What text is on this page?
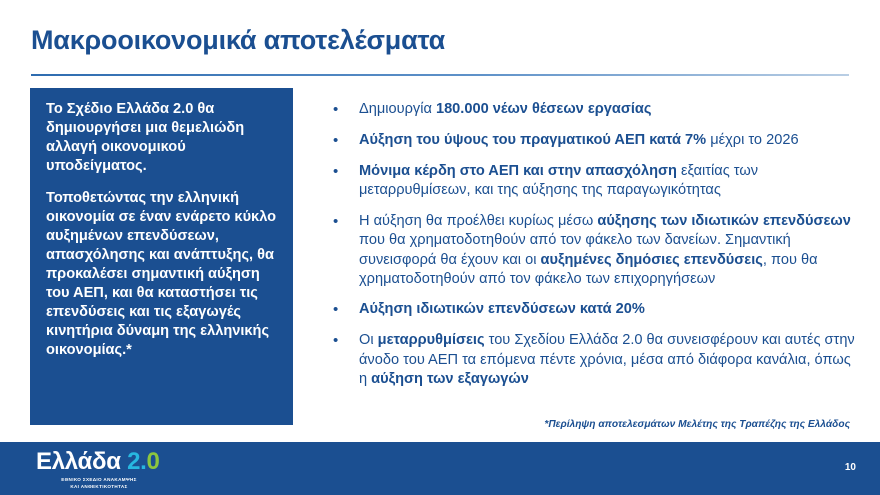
Μακροοικονομικά αποτελέσματα

Το Σχέδιο Ελλάδα 2.0 θα δημιουργήσει μια θεμελιώδη αλλαγή οικονομικού υποδείγματος.

Τοποθετώντας την ελληνική οικονομία σε έναν ενάρετο κύκλο αυξημένων επενδύσεων, απασχόλησης και ανάπτυξης, θα προκαλέσει σημαντική αύξηση του ΑΕΠ, και θα καταστήσει τις επενδύσεις και τις εξαγωγές κινητήρια δύναμη της ελληνικής οικονομίας.*

•	Δημιουργία 180.000 νέων θέσεων εργασίας
•	Αύξηση του ύψους του πραγματικού ΑΕΠ κατά 7% μέχρι το 2026
•	Μόνιμα κέρδη στο ΑΕΠ και στην απασχόληση εξαιτίας των μεταρρυθμίσεων, και της αύξησης της παραγωγικότητας
•	Η αύξηση θα προέλθει κυρίως μέσω αύξησης των ιδιωτικών επενδύσεων που θα χρηματοδοτηθούν από τον φάκελο των δανείων. Σημαντική συνεισφορά θα έχουν και οι αυξημένες δημόσιες επενδύσεις, που θα χρηματοδοτηθούν από τον φάκελο των επιχορηγήσεων
•	Αύξηση ιδιωτικών επενδύσεων κατά 20%
•	Οι μεταρρυθμίσεις του Σχεδίου Ελλάδα 2.0 θα συνεισφέρουν και αυτές στην άνοδο του ΑΕΠ τα επόμενα πέντε χρόνια, μέσα από διάφορα κανάλια, όπως η αύξηση των εξαγωγών
*Περίληψη αποτελεσμάτων Μελέτης της Τραπέζης της Ελλάδος
Ελλάδα 2.0
ΕΘΝΙΚΟ ΣΧΕΔΙΟ ΑΝΑΚΑΜΨΗΣ
ΚΑΙ ΑΝΘΕΚΤΙΚΟΤΗΤΑΣ
10
